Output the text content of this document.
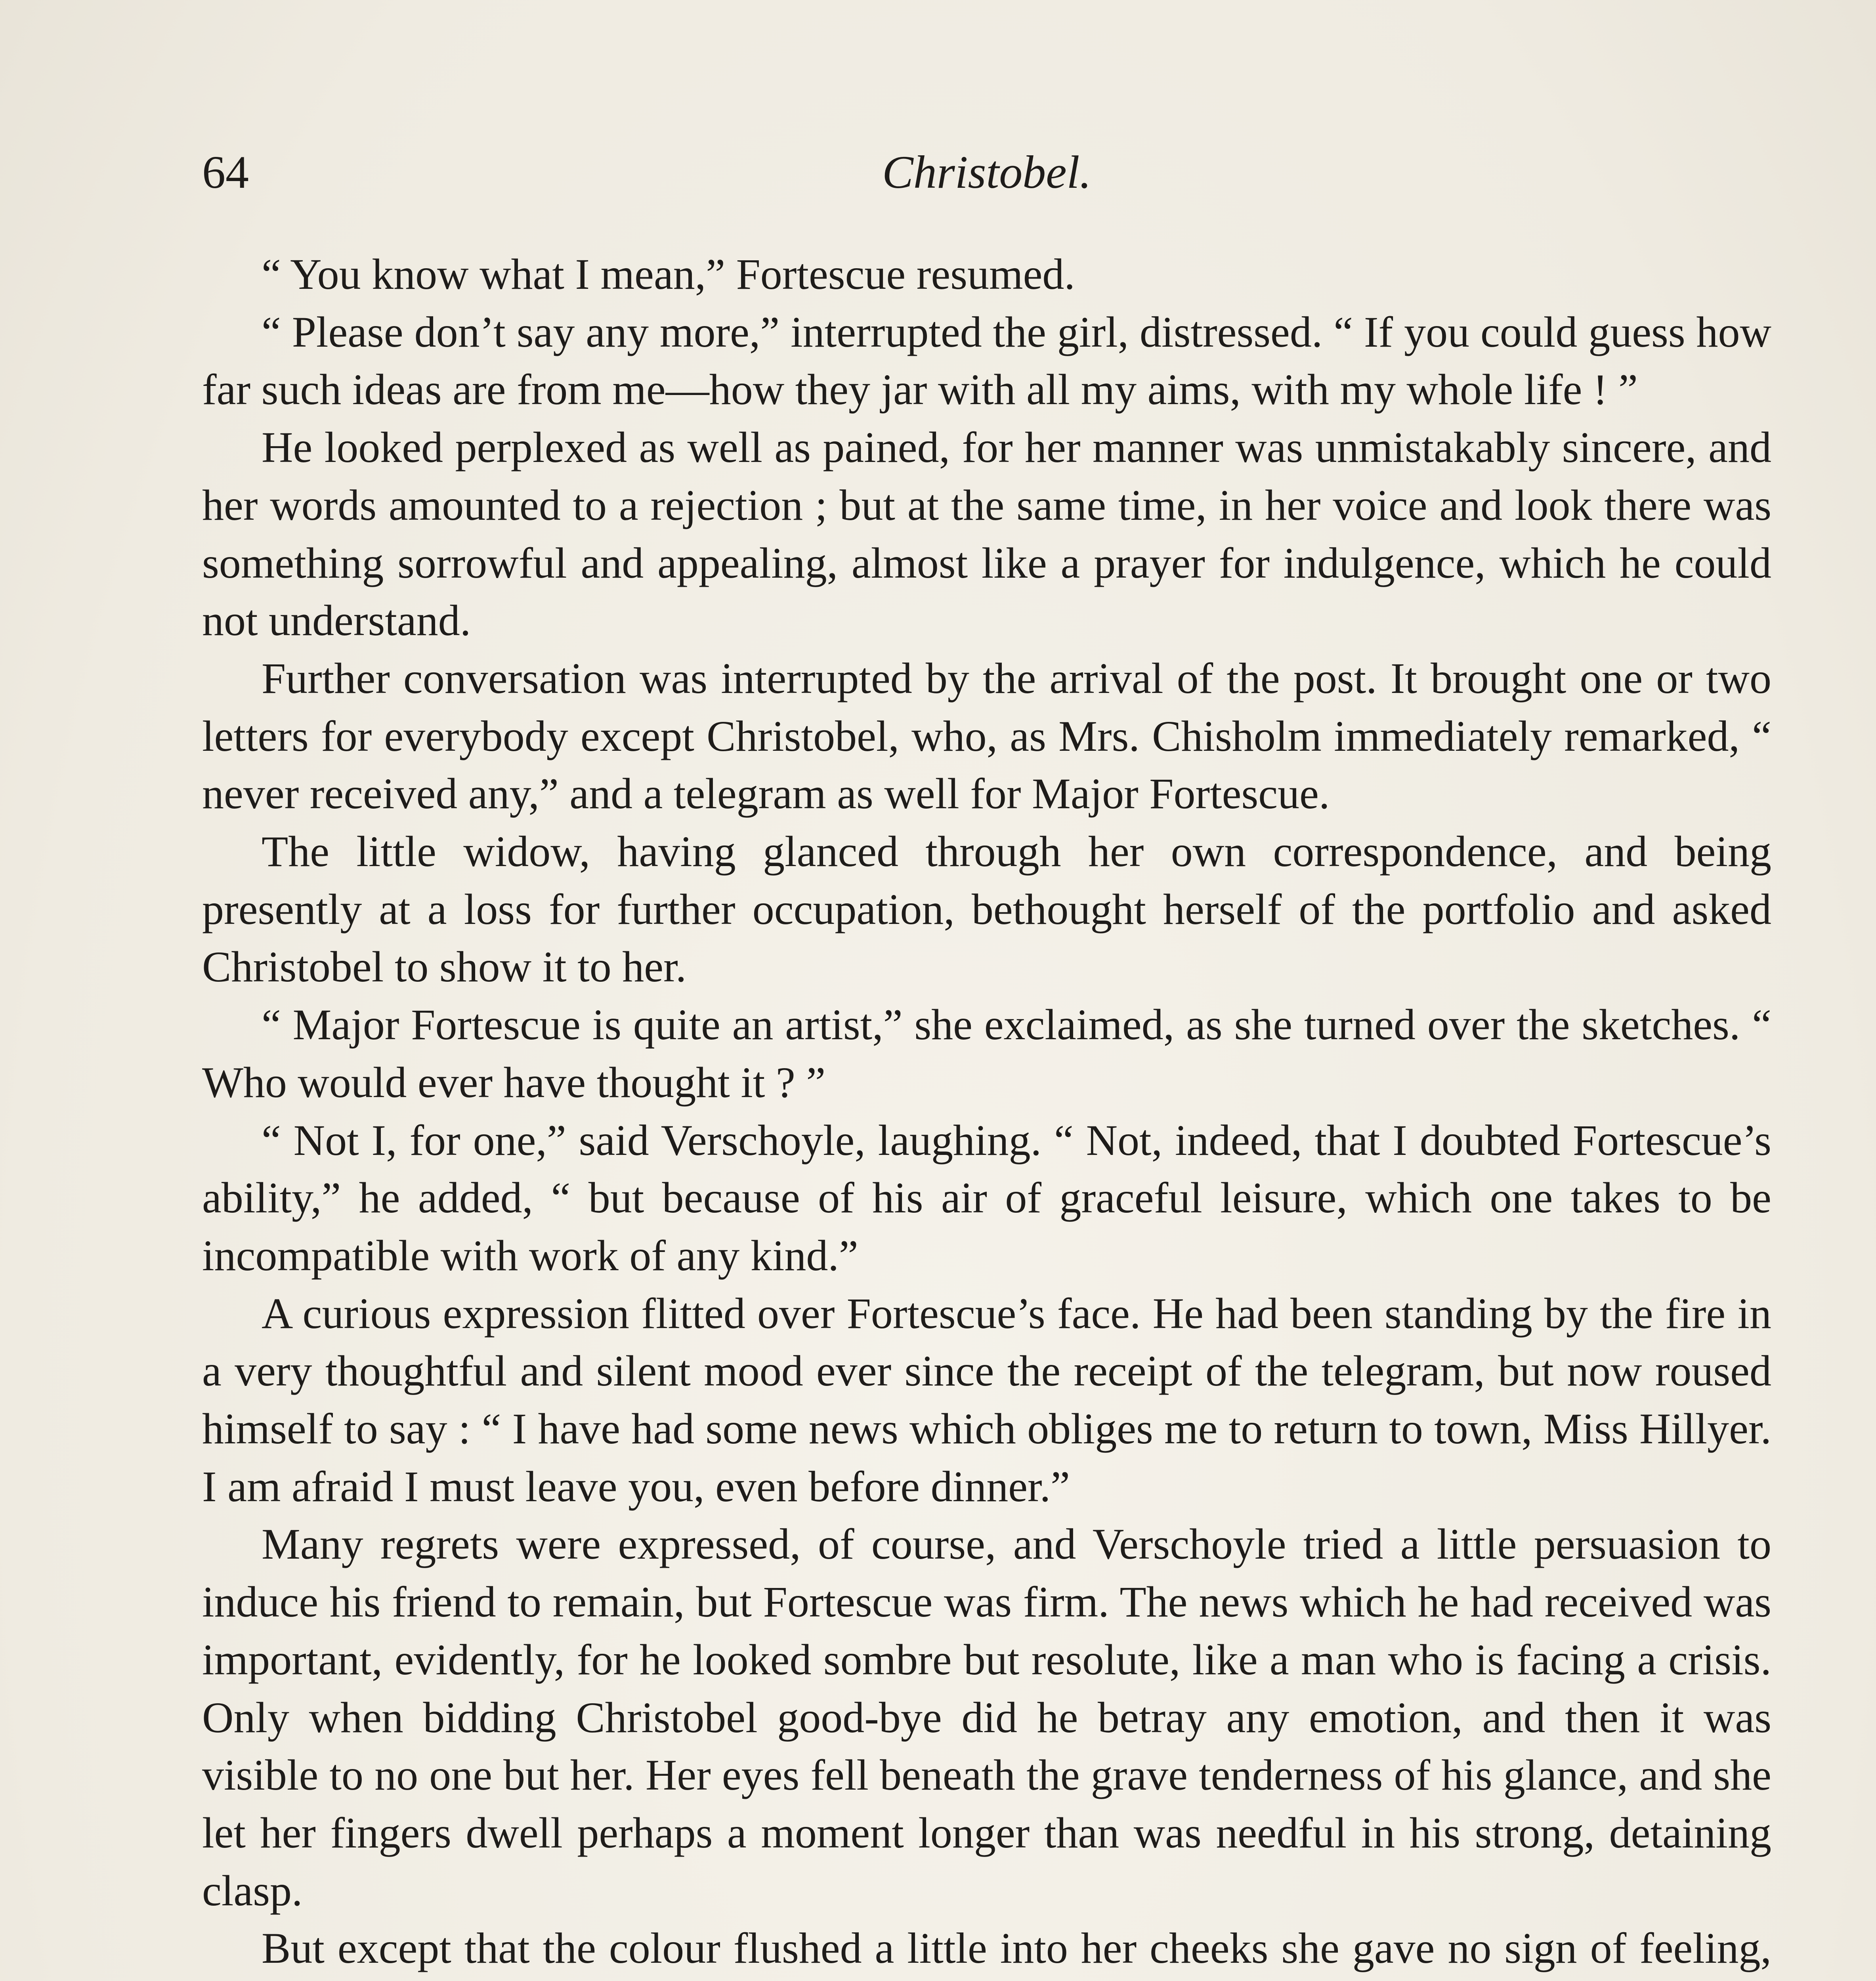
64	Christobel.

“ You know what I mean,” Fortescue resumed.

“ Please don’t say any more,” interrupted the girl, distressed. “ If you could guess how far such ideas are from me—how they jar with all my aims, with my whole life ! ”

He looked perplexed as well as pained, for her manner was unmistakably sincere, and her words amounted to a rejection ; but at the same time, in her voice and look there was something sorrowful and appealing, almost like a prayer for indulgence, which he could not understand.

Further conversation was interrupted by the arrival of the post. It brought one or two letters for everybody except Christobel, who, as Mrs. Chisholm immediately remarked, “ never received any,” and a telegram as well for Major Fortescue.

The little widow, having glanced through her own correspondence, and being presently at a loss for further occupation, bethought herself of the portfolio and asked Christobel to show it to her.

“ Major Fortescue is quite an artist,” she exclaimed, as she turned over the sketches. “ Who would ever have thought it ? ”

“ Not I, for one,” said Verschoyle, laughing. “ Not, indeed, that I doubted Fortescue’s ability,” he added, “ but because of his air of graceful leisure, which one takes to be incompatible with work of any kind.”

A curious expression flitted over Fortescue’s face. He had been standing by the fire in a very thoughtful and silent mood ever since the receipt of the telegram, but now roused himself to say : “ I have had some news which obliges me to return to town, Miss Hillyer. I am afraid I must leave you, even before dinner.”

Many regrets were expressed, of course, and Verschoyle tried a little persuasion to induce his friend to remain, but Fortescue was firm. The news which he had received was important, evidently, for he looked sombre but resolute, like a man who is facing a crisis. Only when bidding Christobel good-bye did he betray any emotion, and then it was visible to no one but her. Her eyes fell beneath the grave tenderness of his glance, and she let her fingers dwell perhaps a moment longer than was needful in his strong, detaining clasp.

But except that the colour flushed a little into her cheeks she gave no sign of feeling,
